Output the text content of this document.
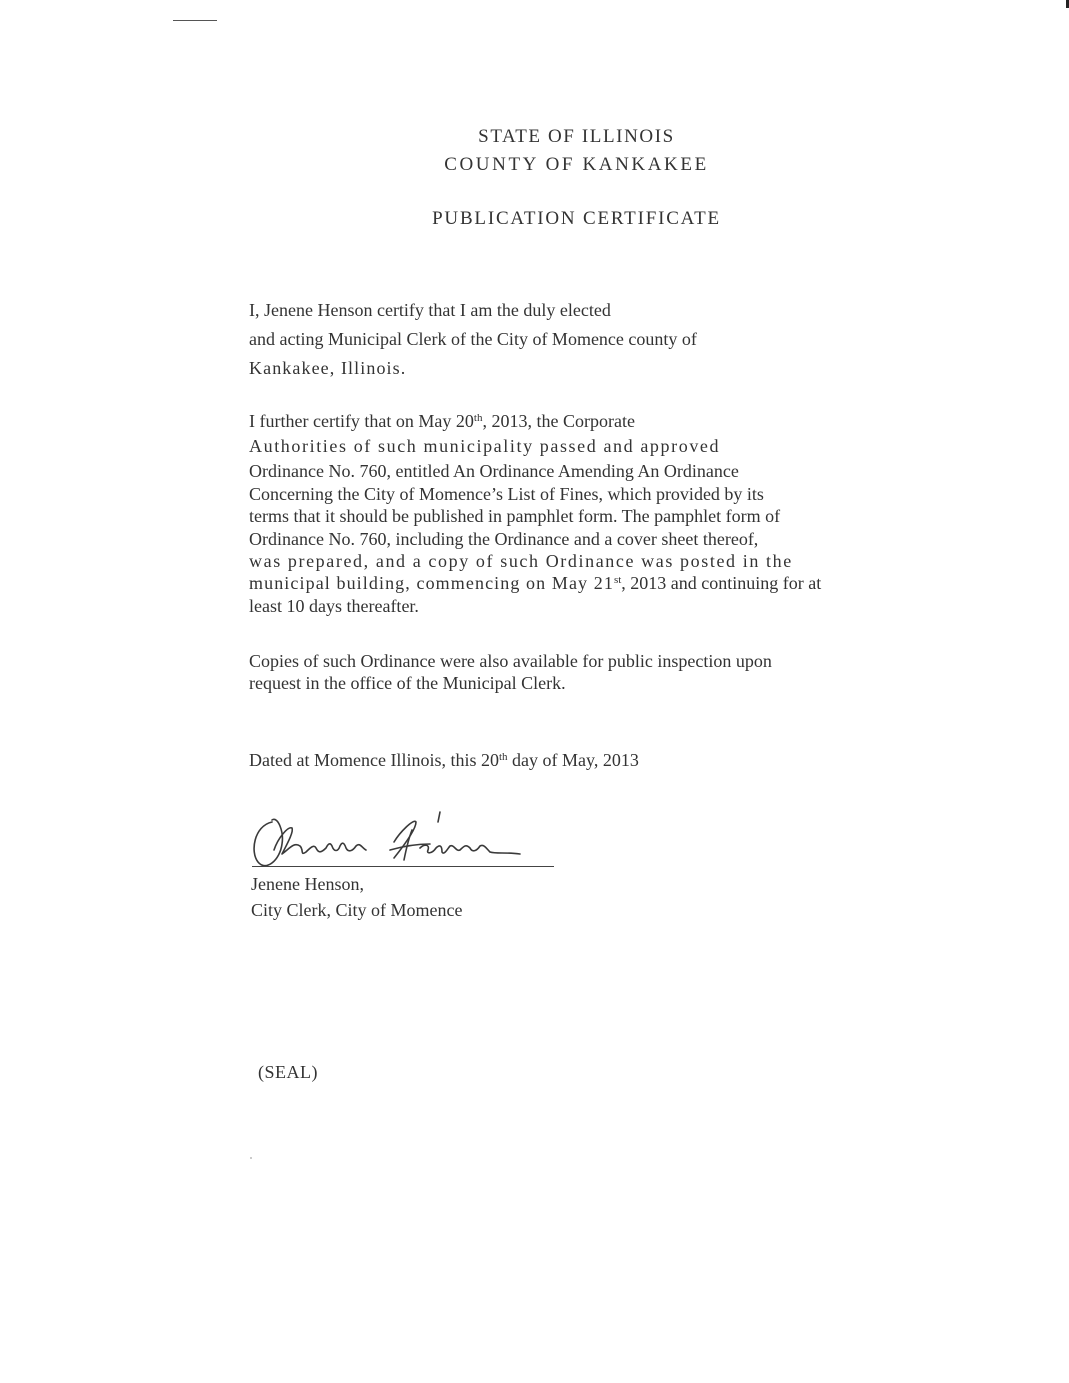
STATE OF ILLINOIS
COUNTY OF KANKAKEE
PUBLICATION CERTIFICATE
I, Jenene Henson certify that I am the duly elected
and acting Municipal Clerk of the City of Momence county of
Kankakee, Illinois.
I further certify that on May 20th, 2013, the Corporate
Authorities of such municipality passed and approved
Ordinance No. 760, entitled An Ordinance Amending An Ordinance
Concerning the City of Momence’s List of Fines, which provided by its
terms that it should be published in pamphlet form. The pamphlet form of
Ordinance No. 760, including the Ordinance and a cover sheet thereof,
was prepared, and a copy of such Ordinance was posted in the
municipal building, commencing on May 21st, 2013 and continuing for at
least 10 days thereafter.
Copies of such Ordinance were also available for public inspection upon
request in the office of the Municipal Clerk.
Dated at Momence Illinois, this 20th day of May, 2013
Jenene Henson,
City Clerk, City of Momence
(SEAL)
